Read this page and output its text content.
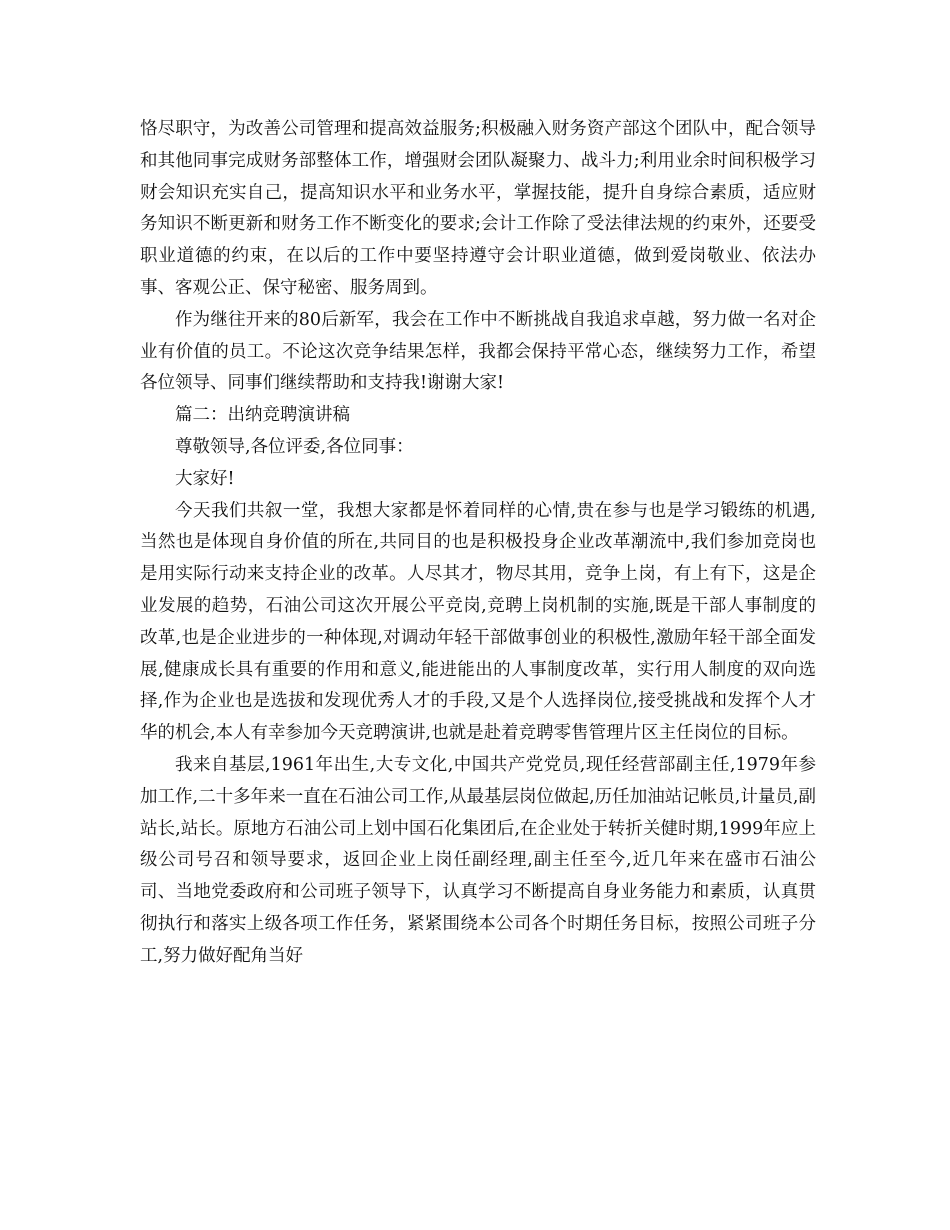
恪尽职守，为改善公司管理和提高效益服务;积极融入财务资产部这个团队中，配合领导和其他同事完成财务部整体工作，增强财会团队凝聚力、战斗力;利用业余时间积极学习财会知识充实自己，提高知识水平和业务水平，掌握技能，提升自身综合素质，适应财务知识不断更新和财务工作不断变化的要求;会计工作除了受法律法规的约束外，还要受职业道德的约束，在以后的工作中要坚持遵守会计职业道德，做到爱岗敬业、依法办事、客观公正、保守秘密、服务周到。

作为继往开来的80后新军，我会在工作中不断挑战自我追求卓越，努力做一名对企业有价值的员工。不论这次竞争结果怎样，我都会保持平常心态，继续努力工作，希望各位领导、同事们继续帮助和支持我!谢谢大家!

篇二：出纳竞聘演讲稿

尊敬领导,各位评委,各位同事：

大家好!

今天我们共叙一堂，我想大家都是怀着同样的心情,贵在参与也是学习锻练的机遇,当然也是体现自身价值的所在,共同目的也是积极投身企业改革潮流中,我们参加竞岗也是用实际行动来支持企业的改革。人尽其才，物尽其用，竞争上岗，有上有下，这是企业发展的趋势，石油公司这次开展公平竞岗,竞聘上岗机制的实施,既是干部人事制度的改革,也是企业进步的一种体现,对调动年轻干部做事创业的积极性,激励年轻干部全面发展,健康成长具有重要的作用和意义,能进能出的人事制度改革，实行用人制度的双向选择,作为企业也是选拔和发现优秀人才的手段,又是个人选择岗位,接受挑战和发挥个人才华的机会,本人有幸参加今天竞聘演讲,也就是赴着竞聘零售管理片区主任岗位的目标。

我来自基层,1961年出生,大专文化,中国共产党党员,现任经营部副主任,1979年参加工作,二十多年来一直在石油公司工作,从最基层岗位做起,历任加油站记帐员,计量员,副站长,站长。原地方石油公司上划中国石化集团后,在企业处于转折关健时期,1999年应上级公司号召和领导要求，返回企业上岗任副经理,副主任至今,近几年来在盛市石油公司、当地党委政府和公司班子领导下，认真学习不断提高自身业务能力和素质，认真贯彻执行和落实上级各项工作任务，紧紧围绕本公司各个时期任务目标，按照公司班子分工,努力做好配角当好
